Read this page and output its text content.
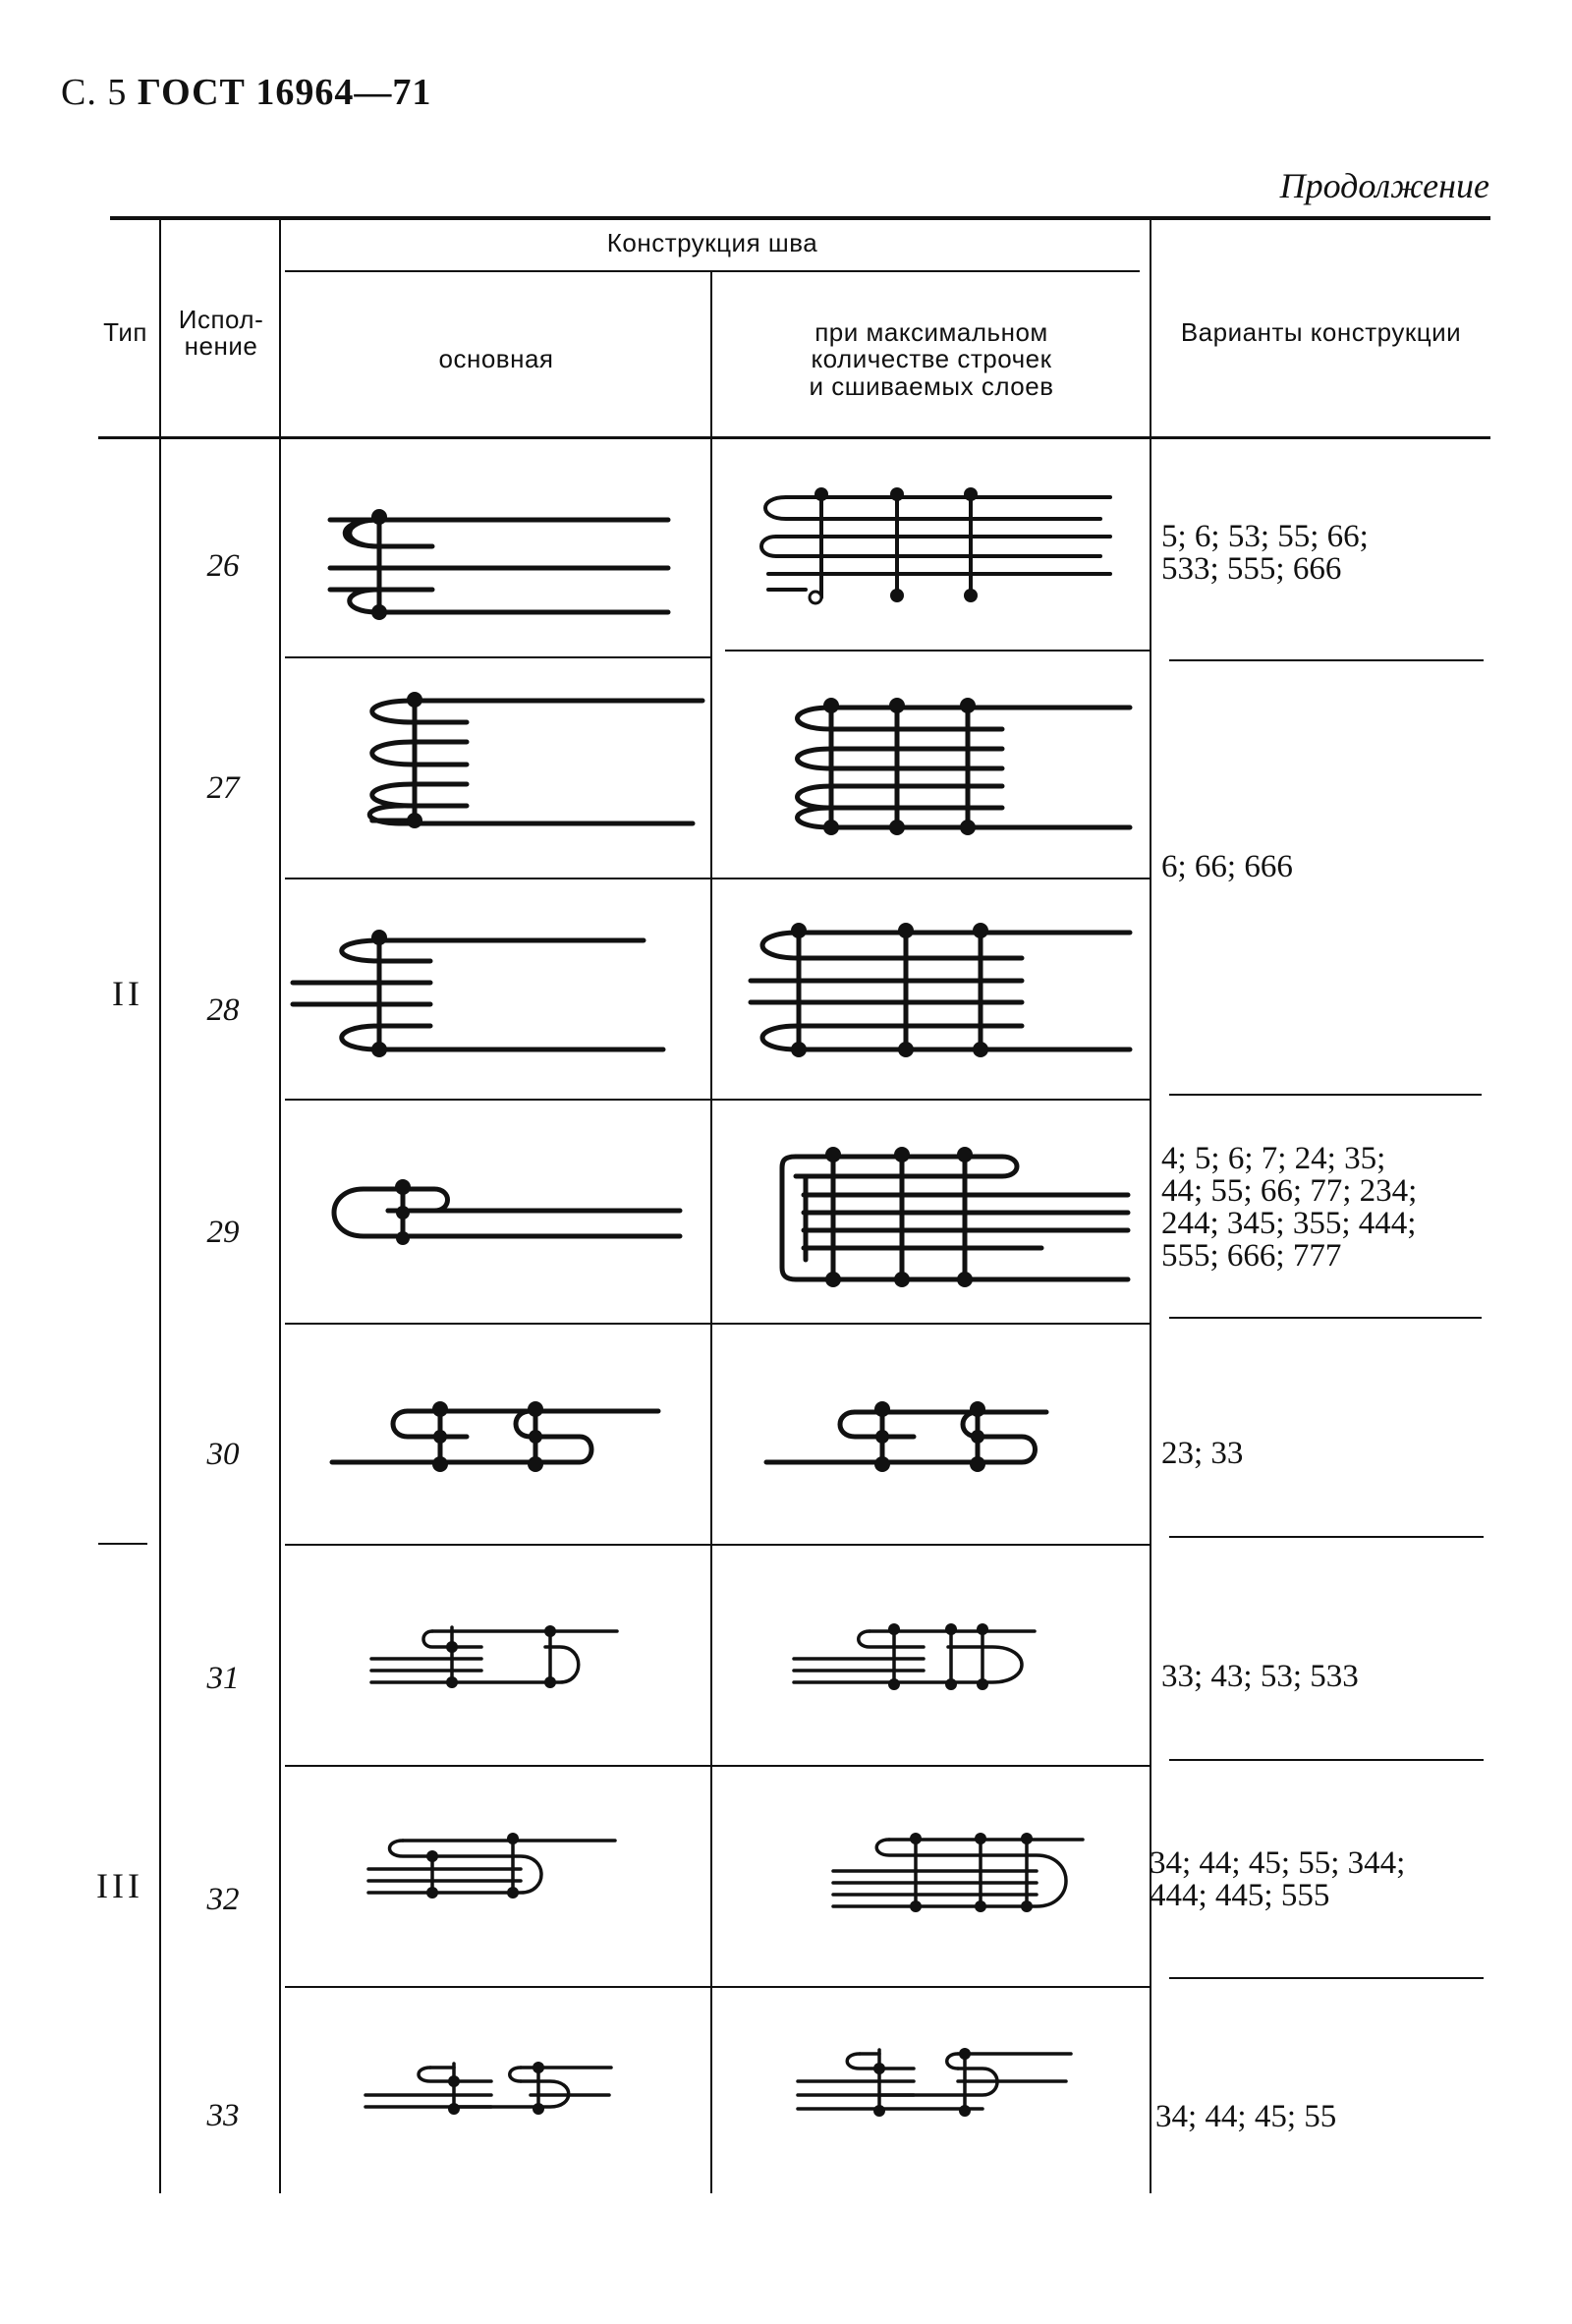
С. 5 ГОСТ 16964—71
Продолжение
Тип	Испол-
нение
Конструкция шва
основная
при максимальном
количестве строчек
и сшиваемых слоев
Варианты конструкции
II
III
26
27
28
29
30
31
32
33
5; 6; 53; 55; 66;
533; 555; 666
6; 66; 666
4; 5; 6; 7; 24; 35;
44; 55; 66; 77; 234;
244; 345; 355; 444;
555; 666; 777
23; 33
33; 43; 53; 533
34; 44; 45; 55; 344;
444; 445; 555
34; 44; 45; 55
